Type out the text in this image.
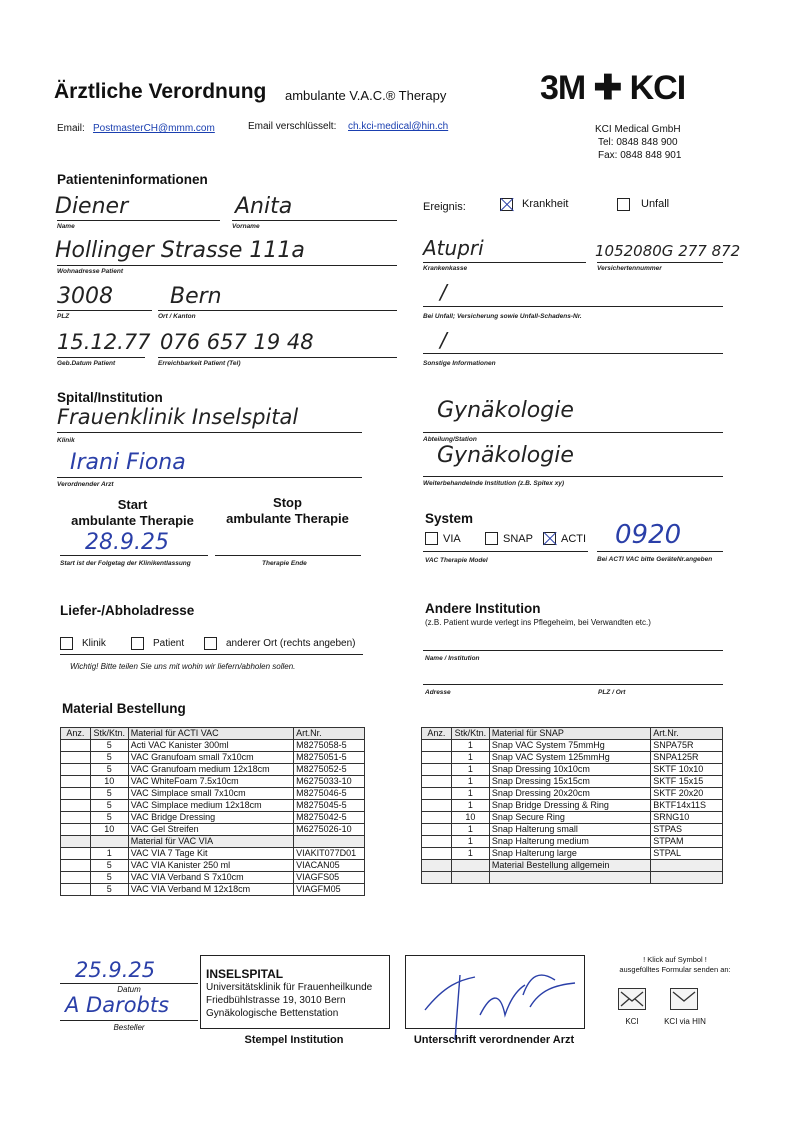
Ärztliche Verordnung ambulante V.A.C.® Therapy	3M ✚ KCI
Email: PostmasterCH@mmm.com	Email verschlüsselt: ch.kci-medical@hin.ch	KCI Medical GmbH
Tel: 0848 848 900
Fax: 0848 848 901
Patienteninformationen
Diener
Name
Anita
Vorname
Hollinger Strasse 111a
Wohnadresse Patient
3008
PLZ
Bern
Ort / Kanton
15.12.77
Geb.Datum Patient
076 657 19 48
Erreichbarkeit Patient (Tel)
Ereignis:	Krankheit	Unfall
Atupri
Krankenkasse
1052080G 277 872
Versichertennummer
/
Bei Unfall; Versicherung sowie Unfall-Schadens-Nr.
/
Sonstige Informationen
Spital/Institution
Frauenklinik Inselspital
Klinik
Irani Fiona
Verordnender Arzt
Gynäkologie
Abteilung/Station
Gynäkologie
Weiterbehandelnde Institution (z.B. Spitex xy)
Start
ambulante Therapie
Stop
ambulante Therapie
28.9.25
Start ist der Folgetag der Klinikentlassung	Therapie Ende
System
VIA	SNAP	ACTI
VAC Therapie Model
0920
Bei ACTI VAC bitte GeräteNr.angeben
Liefer-/Abholadresse
Klinik	Patient	anderer Ort (rechts angeben)
Wichtig! Bitte teilen Sie uns mit wohin wir liefern/abholen sollen.
Andere Institution
(z.B. Patient wurde verlegt ins Pflegeheim, bei Verwandten etc.)
Name / Institution
Adresse	PLZ / Ort
Material Bestellung
Anz.	Stk/Ktn.	Material für ACTI VAC	Art.Nr.
	5	Acti VAC Kanister 300ml	M8275058-5
	5	VAC Granufoam small 7x10cm	M8275051-5
	5	VAC Granufoam medium 12x18cm	M8275052-5
	10	VAC WhiteFoam 7.5x10cm	M6275033-10
	5	VAC Simplace small 7x10cm	M8275046-5
	5	VAC Simplace medium 12x18cm	M8275045-5
	5	VAC Bridge Dressing	M8275042-5
	10	VAC Gel Streifen	M6275026-10
		Material für VAC VIA	
	1	VAC VIA 7 Tage Kit	VIAKIT077D01
	5	VAC VIA Kanister 250 ml	VIACAN05
	5	VAC VIA Verband S 7x10cm	VIAGFS05
	5	VAC VIA Verband M 12x18cm	VIAGFM05
Anz.	Stk/Ktn.	Material für SNAP	Art.Nr.
	1	Snap VAC System 75mmHg	SNPA75R
	1	Snap VAC System 125mmHg	SNPA125R
	1	Snap Dressing 10x10cm	SKTF 10x10
	1	Snap Dressing 15x15cm	SKTF 15x15
	1	Snap Dressing 20x20cm	SKTF 20x20
	1	Snap Bridge Dressing & Ring	BKTF14x11S
	10	Snap Secure Ring	SRNG10
	1	Snap Halterung small	STPAS
	1	Snap Halterung medium	STPAM
	1	Snap Halterung large	STPAL
		Material Bestellung allgemein	

25.9.25
Datum
A Darobts
Besteller
INSELSPITAL
Universitätsklinik für Frauenheilkunde
Friedbühlstrasse 19, 3010 Bern
Gynäkologische Bettenstation
Stempel Institution	Unterschrift verordnender Arzt
! Klick auf Symbol !
ausgefülltes Formular senden an:
KCI	KCI via HIN
